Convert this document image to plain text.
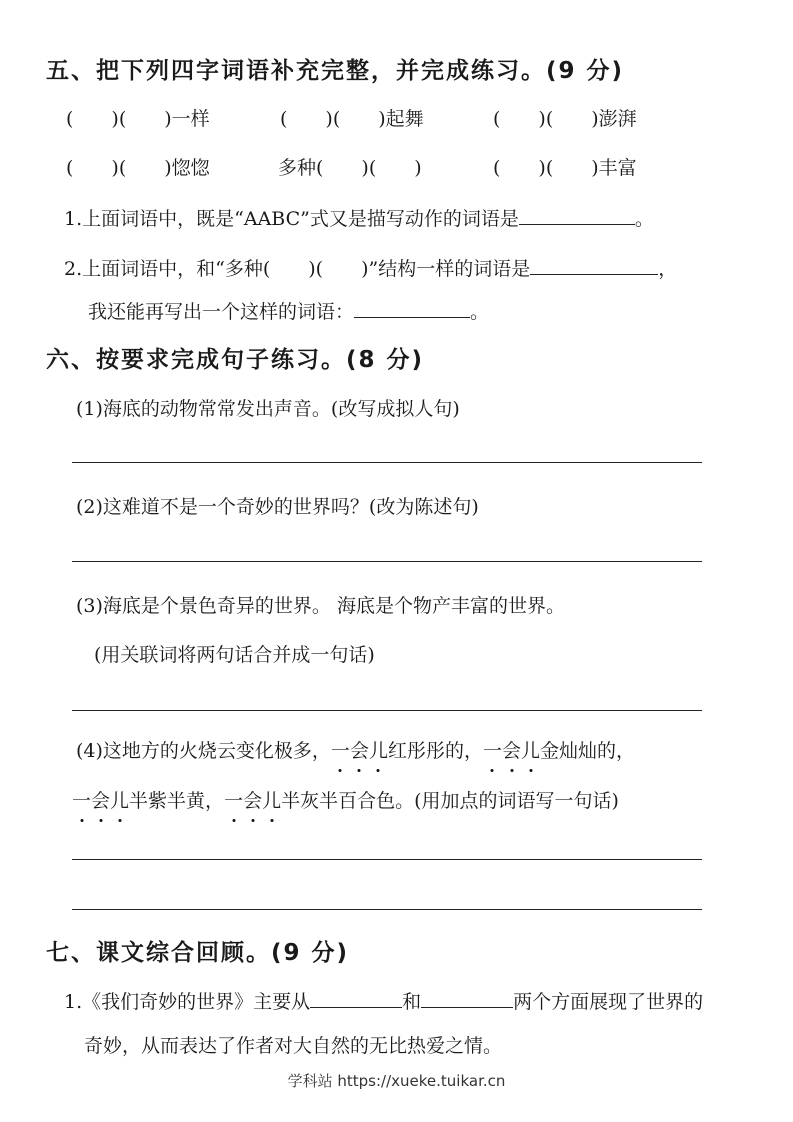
五、把下列四字词语补充完整，并完成练习。(9 分)
(　　)(　　)一样	(　　)(　　)起舞	(　　)(　　)澎湃
(　　)(　　)惚惚	多种(　　)(　　)	(　　)(　　)丰富
1.上面词语中，既是“AABC”式又是描写动作的词语是	。
2.上面词语中，和“多种(　　)(　　)”结构一样的词语是	，
我还能再写出一个这样的词语：	。
六、按要求完成句子练习。(8 分)
(1)海底的动物常常发出声音。(改写成拟人句)
(2)这难道不是一个奇妙的世界吗？(改为陈述句)
(3)海底是个景色奇异的世界。 海底是个物产丰富的世界。
(用关联词将两句话合并成一句话)
(4)这地方的火烧云变化极多，一会儿红彤彤的，一会儿金灿灿的，
一会儿半紫半黄，一会儿半灰半百合色。(用加点的词语写一句话)
七、课文综合回顾。(9 分)
1.《我们奇妙的世界》主要从	和	两个方面展现了世界的
奇妙，从而表达了作者对大自然的无比热爱之情。
学科站 https://xueke.tuikar.cn
